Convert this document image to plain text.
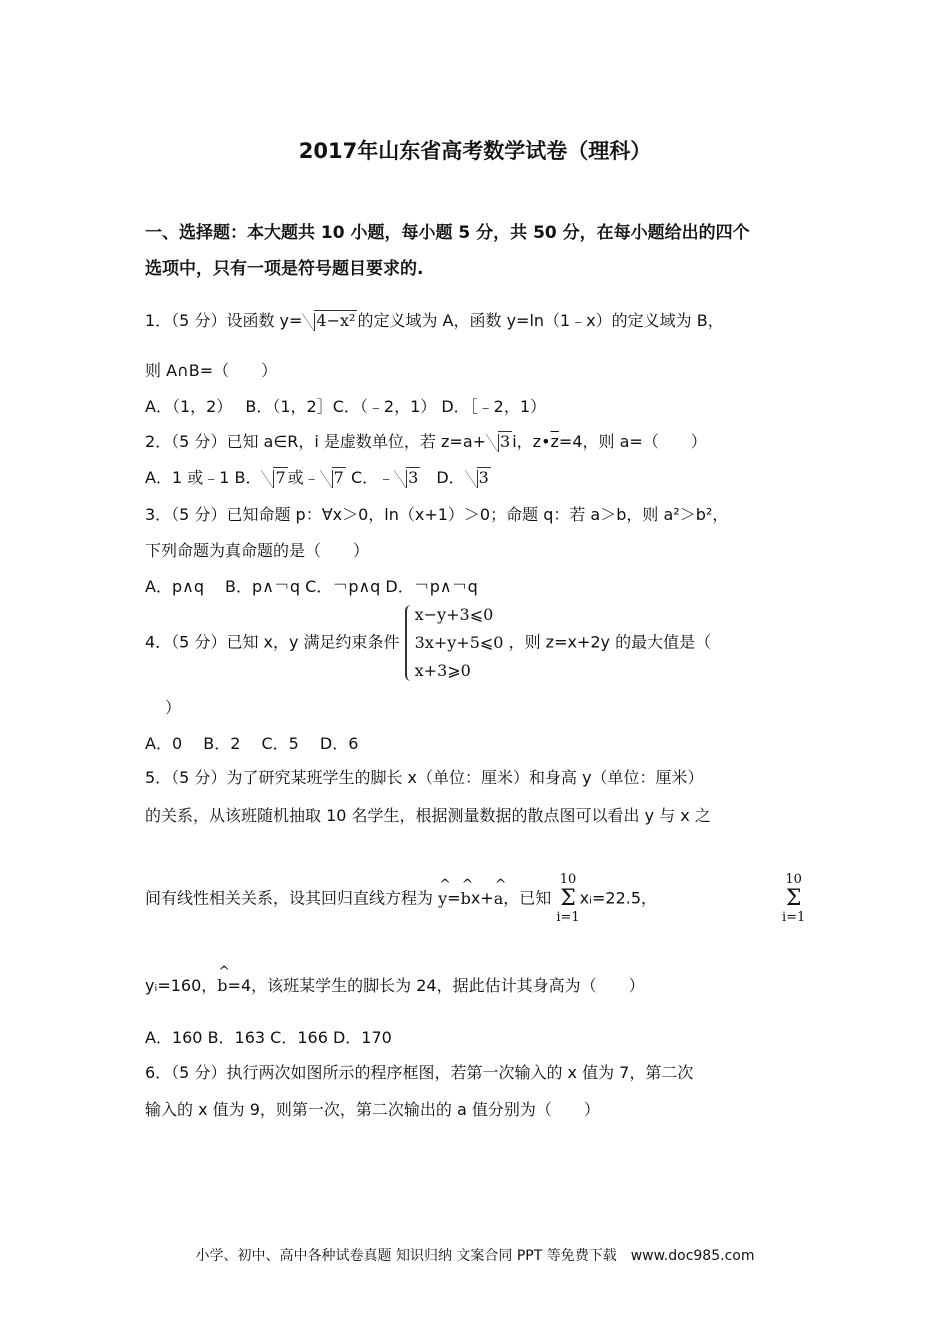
2017年山东省高考数学试卷（理科）
一、选择题：本大题共 10 小题，每小题 5 分，共 50 分，在每小题给出的四个
选项中，只有一项是符号题目要求的.
1．（5 分）设函数 y= 4−x² 的定义域为 A，函数 y=ln（1﹣x）的定义域为 B，
则 A∩B=（　　）
A．（1，2）　 B．（1，2］C．（﹣2，1） D．［﹣2，1）
2．（5 分）已知 a∈R，i 是虚数单位，若 z=a+ 3 i，$z•\overline{z}=4$，则 a=（　　）
A．1 或﹣1 B． 7 或﹣ 7 C．﹣ 3　D． 3
3．（5 分）已知命题 p：∀x＞0，ln（x+1）＞0；命题 q：若 a＞b，则 a²＞b²，
下列命题为真命题的是（　　）
A．p∧q　 B．p∧￢q C．￢p∧q D．￢p∧￢q
4．（5 分）已知 x，y 满足约束条件
x−y+3⩽0
3x+y+5⩽0
x+3⩾0
，则 z=x+2y 的最大值是（
）
A．0　 B．2　 C．5　 D．6
5．（5 分）为了研究某班学生的脚长 x（单位：厘米）和身高 y（单位：厘米）
的关系，从该班随机抽取 10 名学生，根据测量数据的散点图可以看出 y 与 x 之
间有线性相关关系，设其回归直线方程为 ^ y=^ bx+^ a，已知
10
Σ
i=1
xᵢ=22.5，
10
Σ
i=1
yᵢ=160，^ b=4，该班某学生的脚长为 24，据此估计其身高为（　　）
A．160 B．163 C．166 D．170
6．（5 分）执行两次如图所示的程序框图，若第一次输入的 x 值为 7，第二次
输入的 x 值为 9，则第一次，第二次输出的 a 值分别为（　　）
小学、初中、高中各种试卷真题 知识归纳 文案合同 PPT 等免费下载　www.doc985.com
